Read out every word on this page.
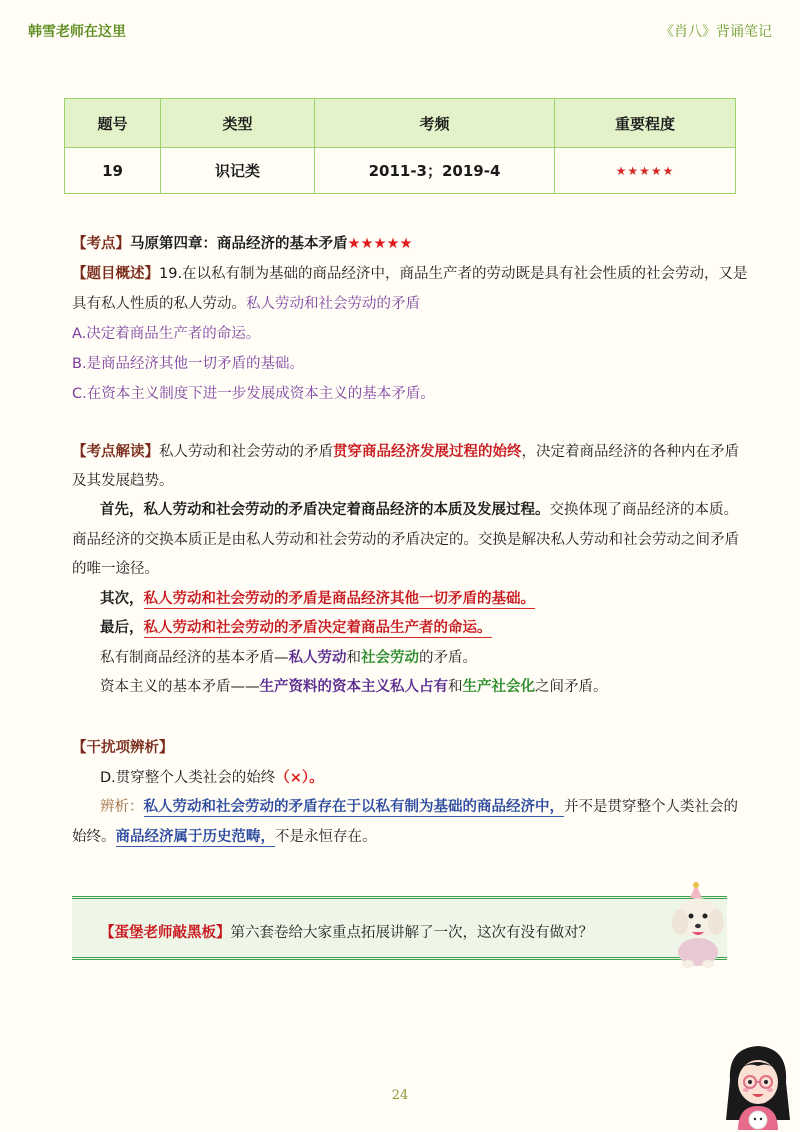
韩雪老师在这里	《肖八》背诵笔记
题号	类型	考频	重要程度
19	识记类	2011-3；2019-4	★★★★★
【考点】马原第四章：商品经济的基本矛盾★★★★★
【题目概述】19.在以私有制为基础的商品经济中，商品生产者的劳动既是具有社会性质的社会劳动，又是
具有私人性质的私人劳动。私人劳动和社会劳动的矛盾
A.决定着商品生产者的命运。
B.是商品经济其他一切矛盾的基础。
C.在资本主义制度下进一步发展成资本主义的基本矛盾。
【考点解读】私人劳动和社会劳动的矛盾贯穿商品经济发展过程的始终，决定着商品经济的各种内在矛盾
及其发展趋势。
首先，私人劳动和社会劳动的矛盾决定着商品经济的本质及发展过程。交换体现了商品经济的本质。
商品经济的交换本质正是由私人劳动和社会劳动的矛盾决定的。交换是解决私人劳动和社会劳动之间矛盾
的唯一途径。
其次，私人劳动和社会劳动的矛盾是商品经济其他一切矛盾的基础。
最后，私人劳动和社会劳动的矛盾决定着商品生产者的命运。
私有制商品经济的基本矛盾—私人劳动和社会劳动的矛盾。
资本主义的基本矛盾——生产资料的资本主义私人占有和生产社会化之间矛盾。
【干扰项辨析】
D.贯穿整个人类社会的始终（×）。
辨析：私人劳动和社会劳动的矛盾存在于以私有制为基础的商品经济中，并不是贯穿整个人类社会的
始终。商品经济属于历史范畴，不是永恒存在。
【蛋堡老师敲黑板】第六套卷给大家重点拓展讲解了一次，这次有没有做对？
24
